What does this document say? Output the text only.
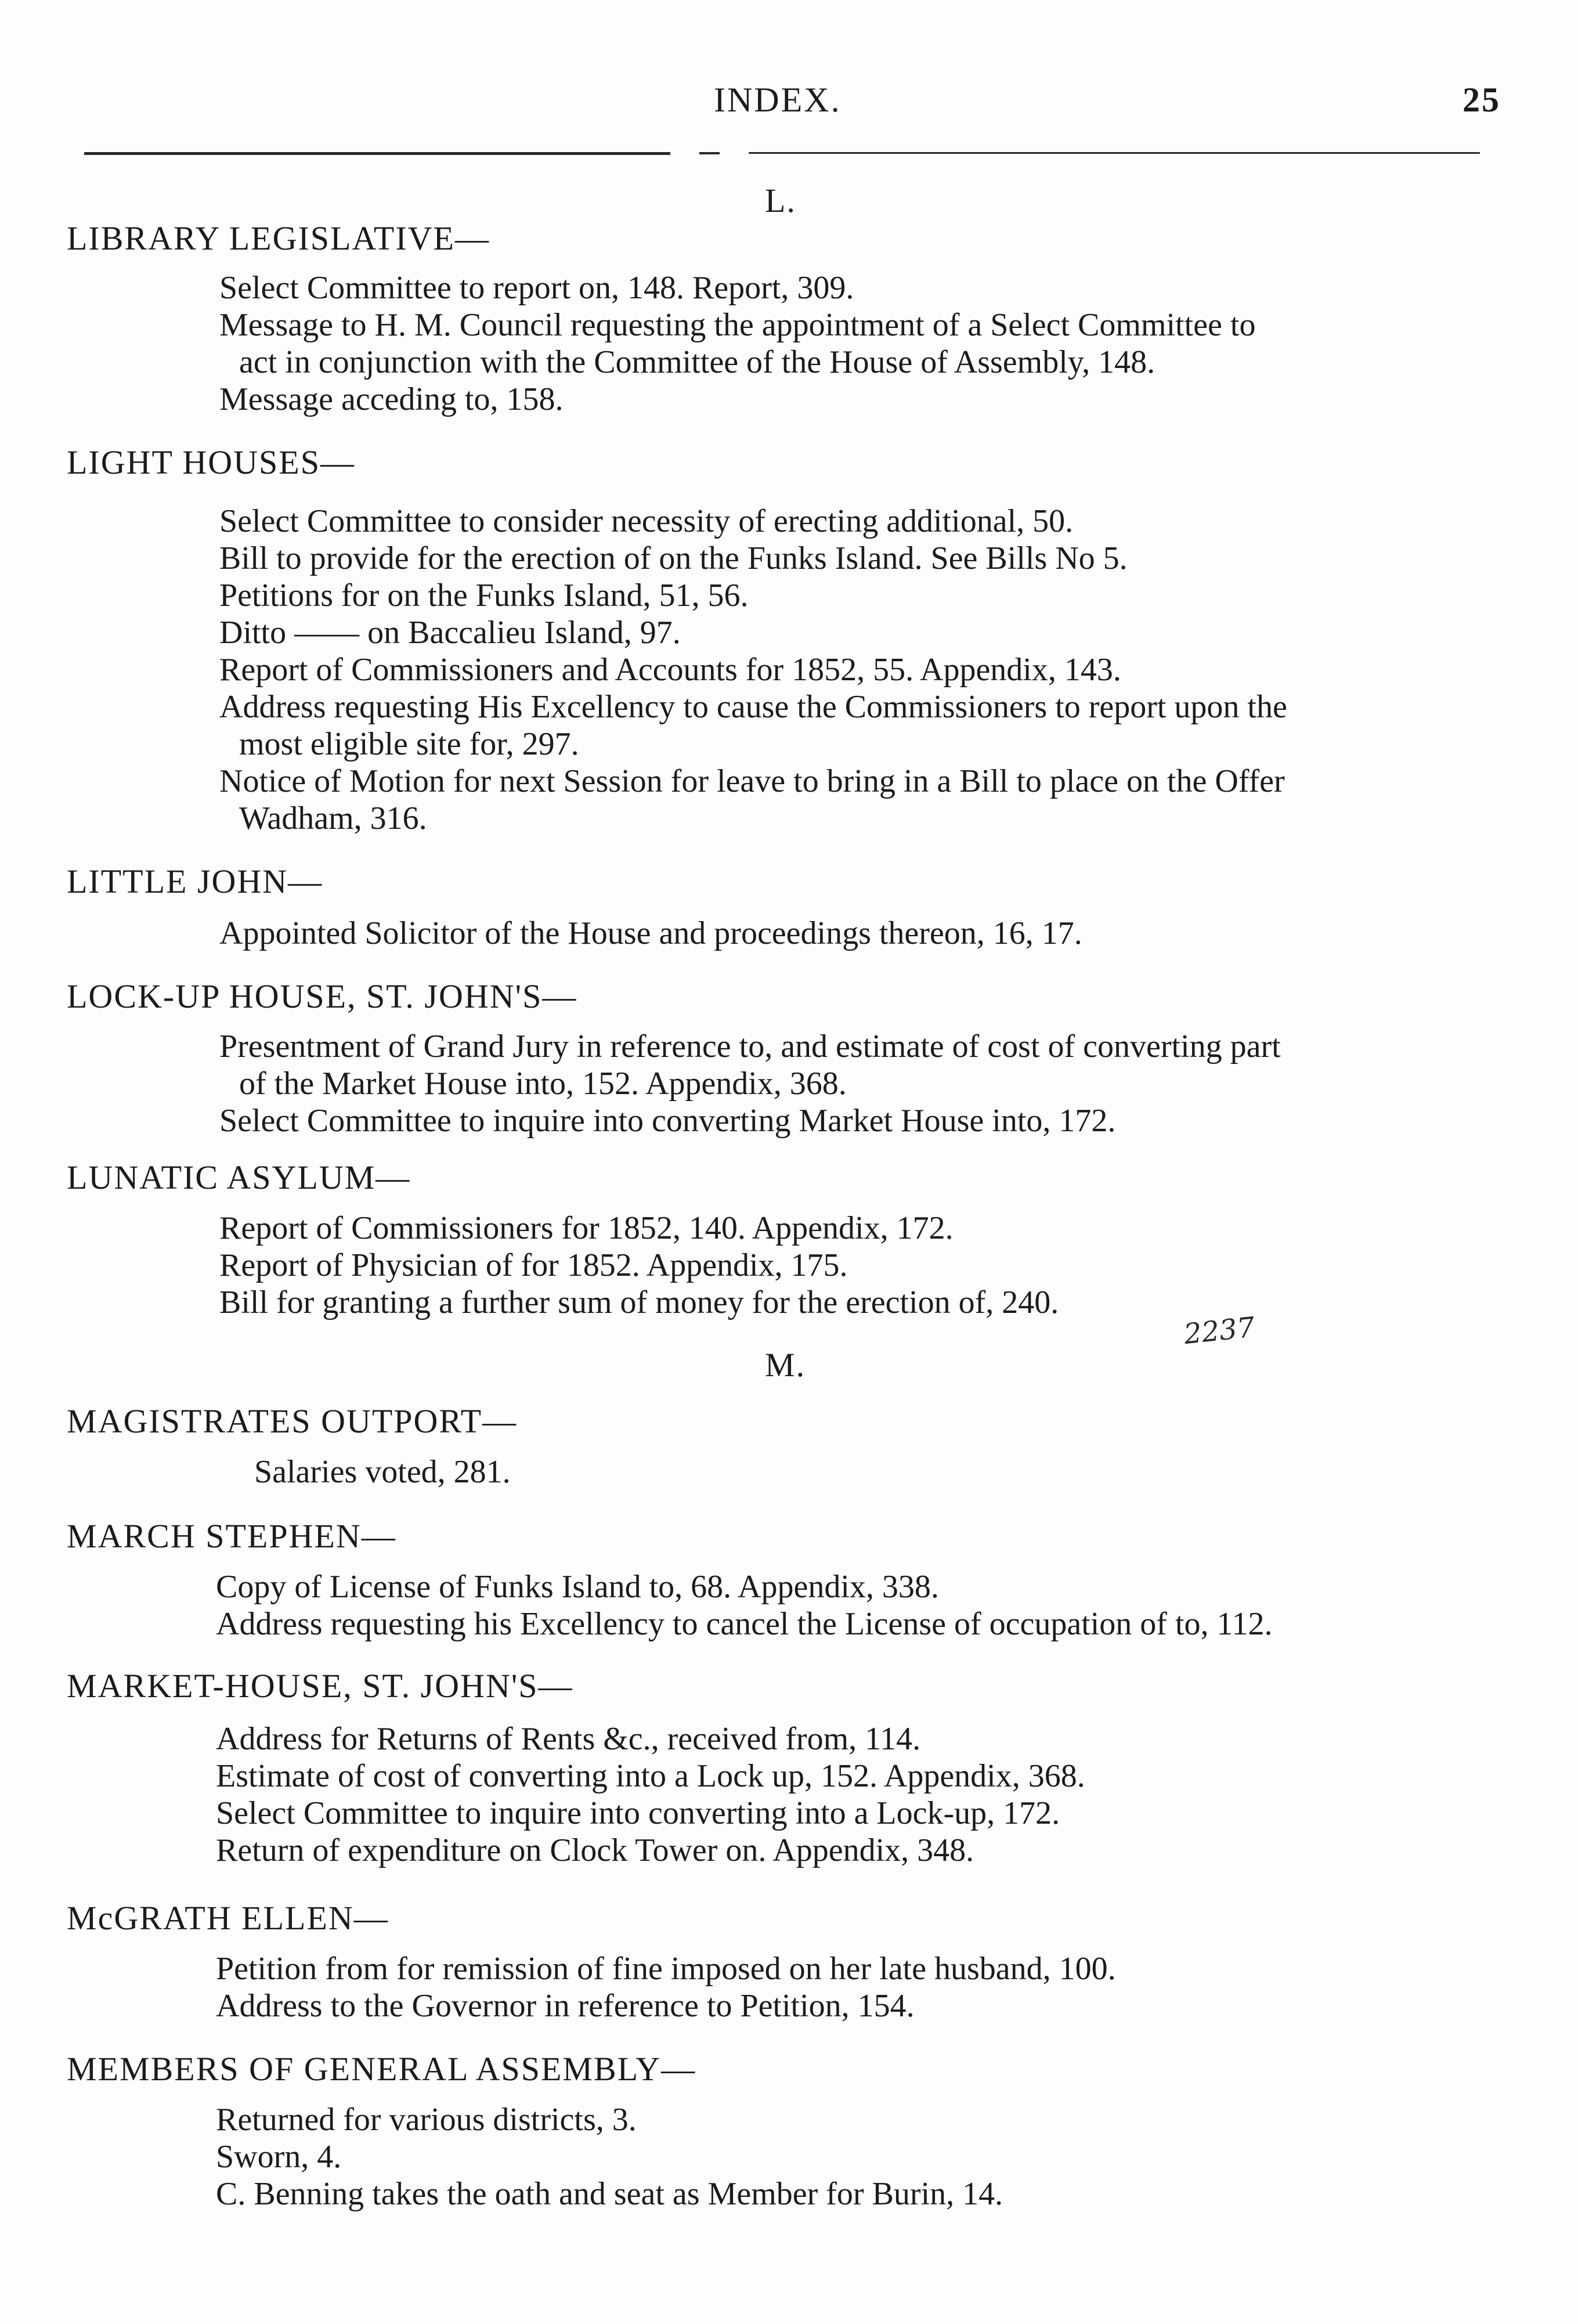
INDEX.	25
L.
LIBRARY LEGISLATIVE—
Select Committee to report on, 148. Report, 309.
Message to H. M. Council requesting the appointment of a Select Committee to
act in conjunction with the Committee of the House of Assembly, 148.
Message acceding to, 158.
LIGHT HOUSES—
Select Committee to consider necessity of erecting additional, 50.
Bill to provide for the erection of on the Funks Island. See Bills No 5.
Petitions for on the Funks Island, 51, 56.
Ditto —— on Baccalieu Island, 97.
Report of Commissioners and Accounts for 1852, 55. Appendix, 143.
Address requesting His Excellency to cause the Commissioners to report upon the
most eligible site for, 297.
Notice of Motion for next Session for leave to bring in a Bill to place on the Offer
Wadham, 316.
LITTLE JOHN—
Appointed Solicitor of the House and proceedings thereon, 16, 17.
LOCK-UP HOUSE, ST. JOHN'S—
Presentment of Grand Jury in reference to, and estimate of cost of converting part
of the Market House into, 152. Appendix, 368.
Select Committee to inquire into converting Market House into, 172.
LUNATIC ASYLUM—
Report of Commissioners for 1852, 140. Appendix, 172.
Report of Physician of for 1852. Appendix, 175.
Bill for granting a further sum of money for the erection of, 240.
2237
M.
MAGISTRATES OUTPORT—
Salaries voted, 281.
MARCH STEPHEN—
Copy of License of Funks Island to, 68. Appendix, 338.
Address requesting his Excellency to cancel the License of occupation of to, 112.
MARKET-HOUSE, ST. JOHN'S—
Address for Returns of Rents &c., received from, 114.
Estimate of cost of converting into a Lock up, 152. Appendix, 368.
Select Committee to inquire into converting into a Lock-up, 172.
Return of expenditure on Clock Tower on. Appendix, 348.
McGRATH ELLEN—
Petition from for remission of fine imposed on her late husband, 100.
Address to the Governor in reference to Petition, 154.
MEMBERS OF GENERAL ASSEMBLY—
Returned for various districts, 3.
Sworn, 4.
C. Benning takes the oath and seat as Member for Burin, 14.
